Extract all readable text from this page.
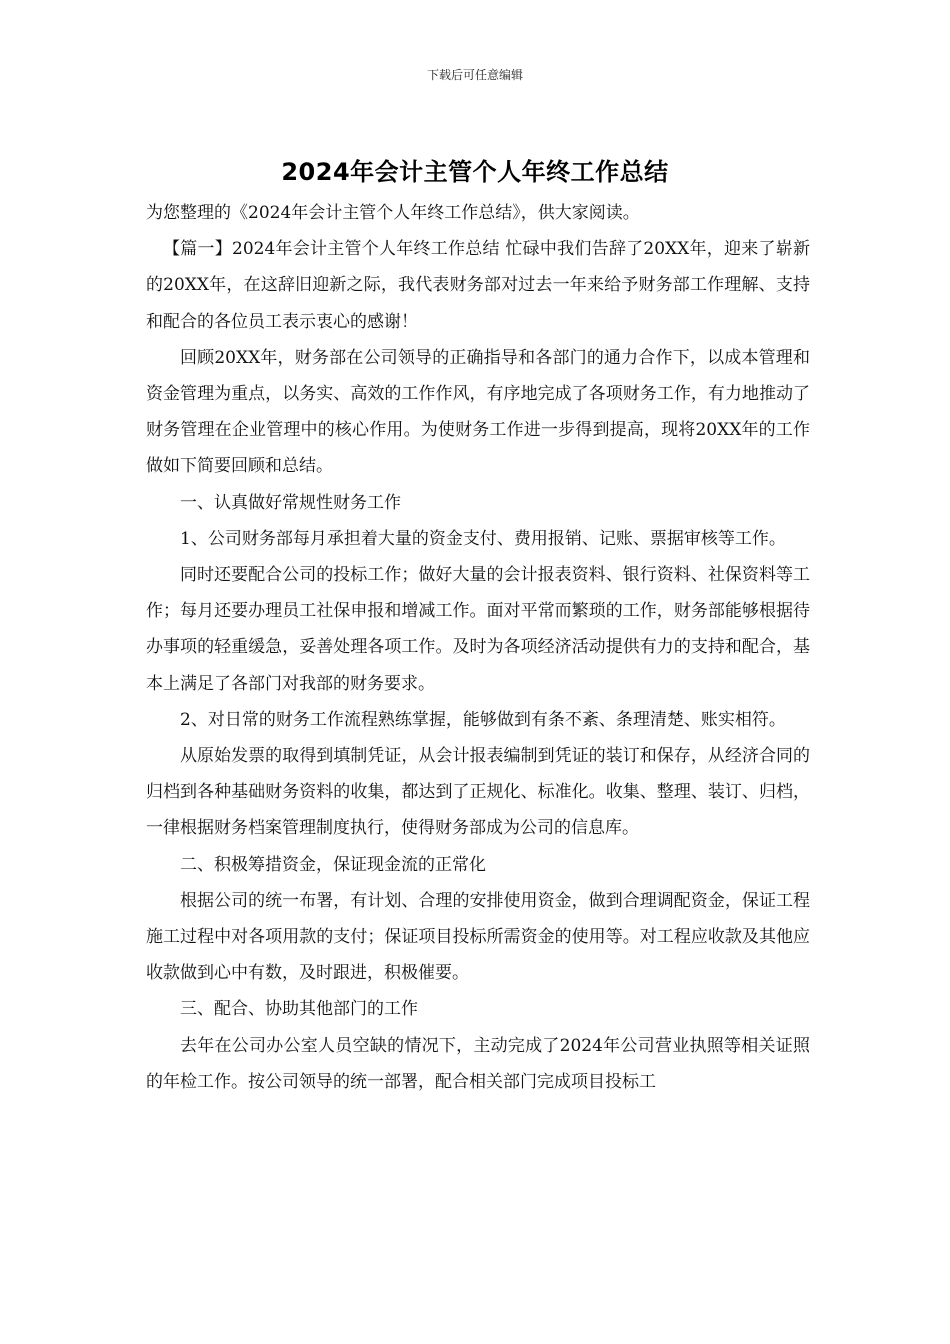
下载后可任意编辑
2024年会计主管个人年终工作总结

为您整理的《2024年会计主管个人年终工作总结》，供大家阅读。

【篇一】2024年会计主管个人年终工作总结 忙碌中我们告辞了20XX年，迎来了崭新的20XX年，在这辞旧迎新之际，我代表财务部对过去一年来给予财务部工作理解、支持和配合的各位员工表示衷心的感谢！

回顾20XX年，财务部在公司领导的正确指导和各部门的通力合作下，以成本管理和资金管理为重点，以务实、高效的工作作风，有序地完成了各项财务工作，有力地推动了财务管理在企业管理中的核心作用。为使财务工作进一步得到提高，现将20XX年的工作做如下简要回顾和总结。

一、认真做好常规性财务工作

1、公司财务部每月承担着大量的资金支付、费用报销、记账、票据审核等工作。

同时还要配合公司的投标工作；做好大量的会计报表资料、银行资料、社保资料等工作；每月还要办理员工社保申报和增减工作。面对平常而繁琐的工作，财务部能够根据待办事项的轻重缓急，妥善处理各项工作。及时为各项经济活动提供有力的支持和配合，基本上满足了各部门对我部的财务要求。

2、对日常的财务工作流程熟练掌握，能够做到有条不紊、条理清楚、账实相符。

从原始发票的取得到填制凭证，从会计报表编制到凭证的装订和保存，从经济合同的归档到各种基础财务资料的收集，都达到了正规化、标准化。收集、整理、装订、归档，一律根据财务档案管理制度执行，使得财务部成为公司的信息库。

二、积极筹措资金，保证现金流的正常化

根据公司的统一布署，有计划、合理的安排使用资金，做到合理调配资金，保证工程施工过程中对各项用款的支付；保证项目投标所需资金的使用等。对工程应收款及其他应收款做到心中有数，及时跟进，积极催要。

三、配合、协助其他部门的工作

去年在公司办公室人员空缺的情况下，主动完成了2024年公司营业执照等相关证照的年检工作。按公司领导的统一部署，配合相关部门完成项目投标工
